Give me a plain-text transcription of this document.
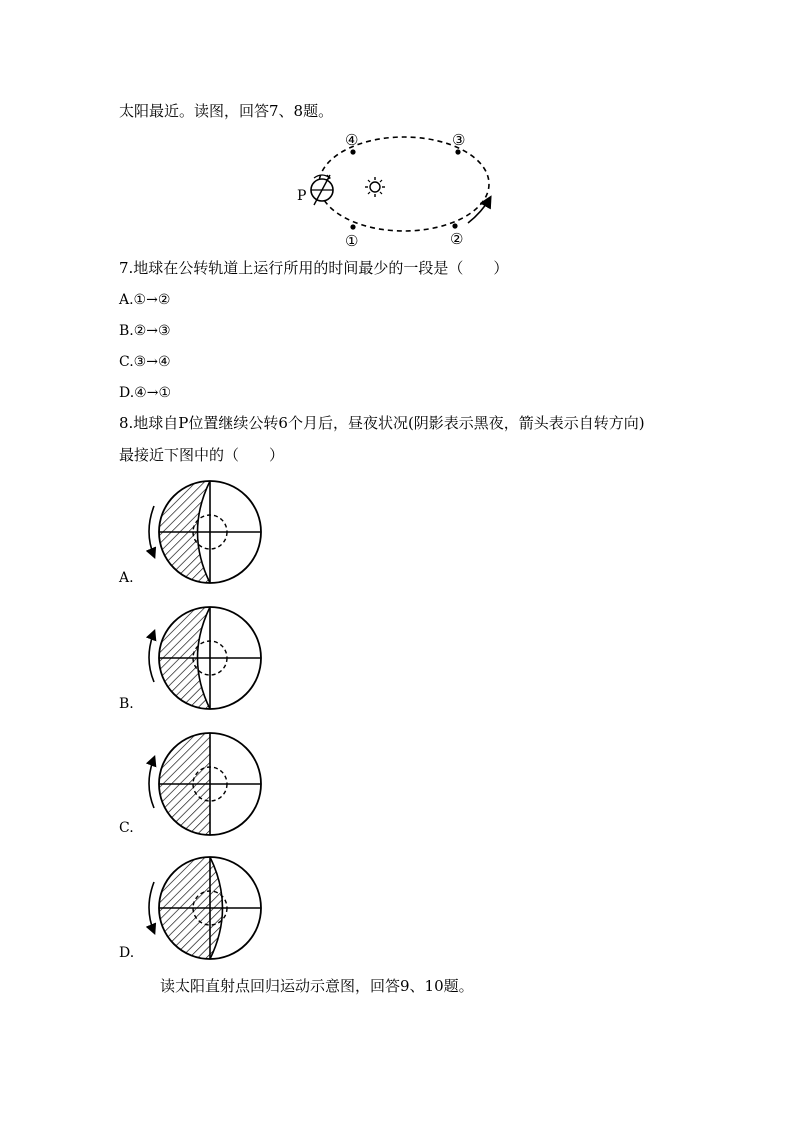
太阳最近。读图，回答7、8题。
P
①	②
③
④
7.地球在公转轨道上运行所用的时间最少的一段是（　　）
A.①→②
B.②→③
C.③→④
D.④→①
8.地球自P位置继续公转6个月后，昼夜状况(阴影表示黑夜，箭头表示自转方向)
最接近下图中的（　　）
A.
B.
C.
D.
读太阳直射点回归运动示意图，回答9、10题。
